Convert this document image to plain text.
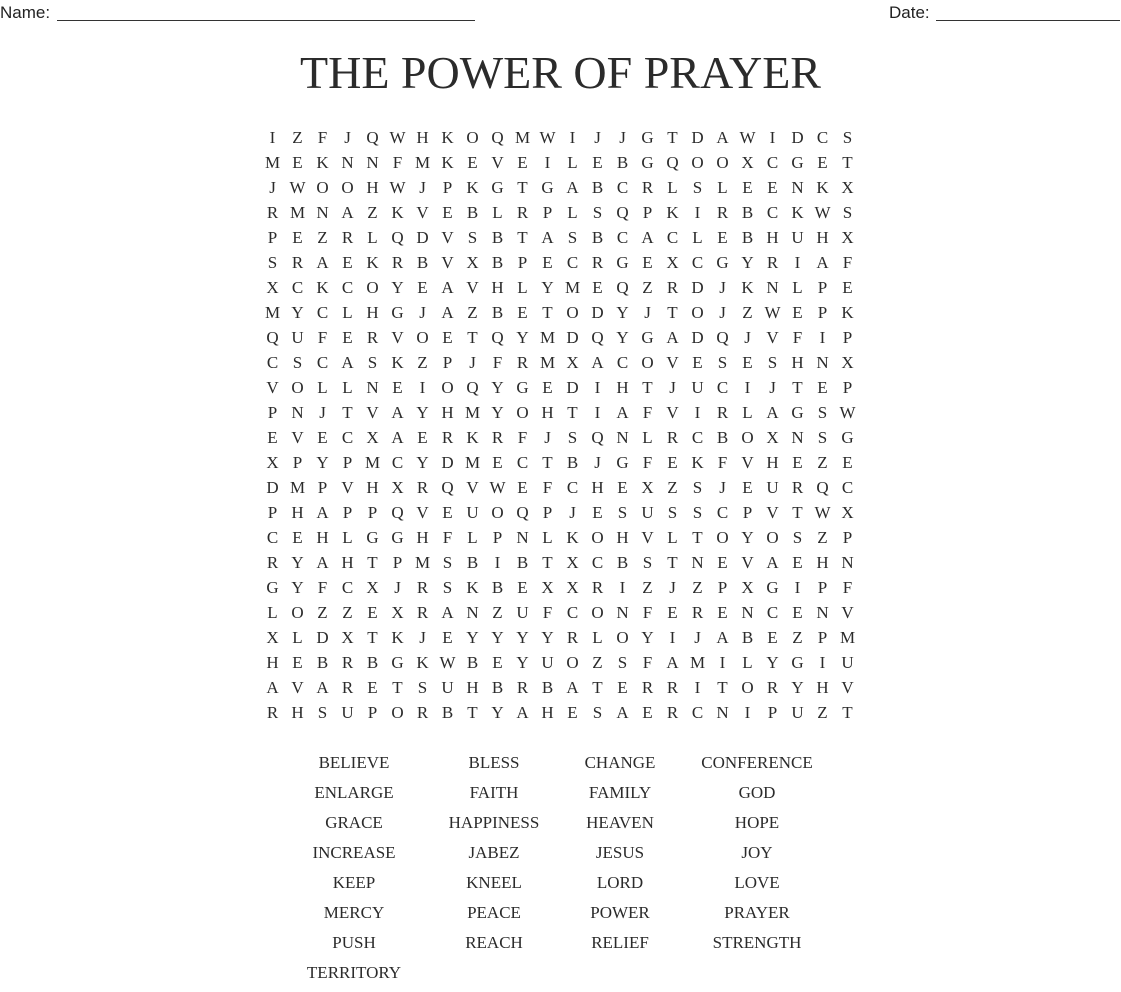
Name:	Date:
THE POWER OF PRAYER
I Z F J Q W H K O Q M W I	J	J G T D A W I D C S
M E K N N F M K E V E I L E B G Q O O X C G E T
J W O O H W J P K G T G A B C R L S L E E N K X
R M N A Z K V E B L R P L S Q P K I R B C K W S
P E Z R L Q D V S B T A S B C A C L E B H U H X
S R A E K R B V X B P E C R G E X C G Y R I A F
X C K C O Y E A V H L Y M E Q Z R D J K N L P E
M Y C L H G J A Z B E T O D Y J T O J Z W E P K
Q U F E R V O E T Q Y M D Q Y G A D Q J V F	I	P
C S C A S K Z P J F R M X A C O V E S E S H N X
V O L L N E I O Q Y G E D I H T J U C I	J T E P
P N J T V A Y H M Y O H T I A F V I R L A G S W
E V E C X A E R K R F J S Q N L R C B O X N S G
X P Y P M C Y D M E C T B J G F E K F V H E Z E
D M P V H X R Q V W E F C H E X Z S J E U R Q C
P H A P P Q V E U O Q P J E S U S S C P V T W X
C E H L G G H F L P N L K O H V L T O Y O S Z P
R Y A H T P M S B I B T X C B S T N E V A E H N
G Y F C X J R S K B E X X R I Z J Z P X G I	P F
L O Z Z E X R A N Z U F C O N F E R E N C E N V
X L D X T K J E Y Y Y Y R L O Y I	J A B E Z P M
H E B R B G K W B E Y U O Z S F A M I L Y G I U
A V A R E T S U H B R B A T E R R I T O R Y H V
R H S U P O R B T Y A H E S A E R C N I	P U Z T
BELIEVE	BLESS	CHANGE	CONFERENCE
ENLARGE	FAITH	FAMILY	GOD
GRACE	HAPPINESS	HEAVEN	HOPE
INCREASE	JABEZ	JESUS	JOY
KEEP	KNEEL	LORD	LOVE
MERCY	PEACE	POWER	PRAYER
PUSH	REACH	RELIEF	STRENGTH
TERRITORY
